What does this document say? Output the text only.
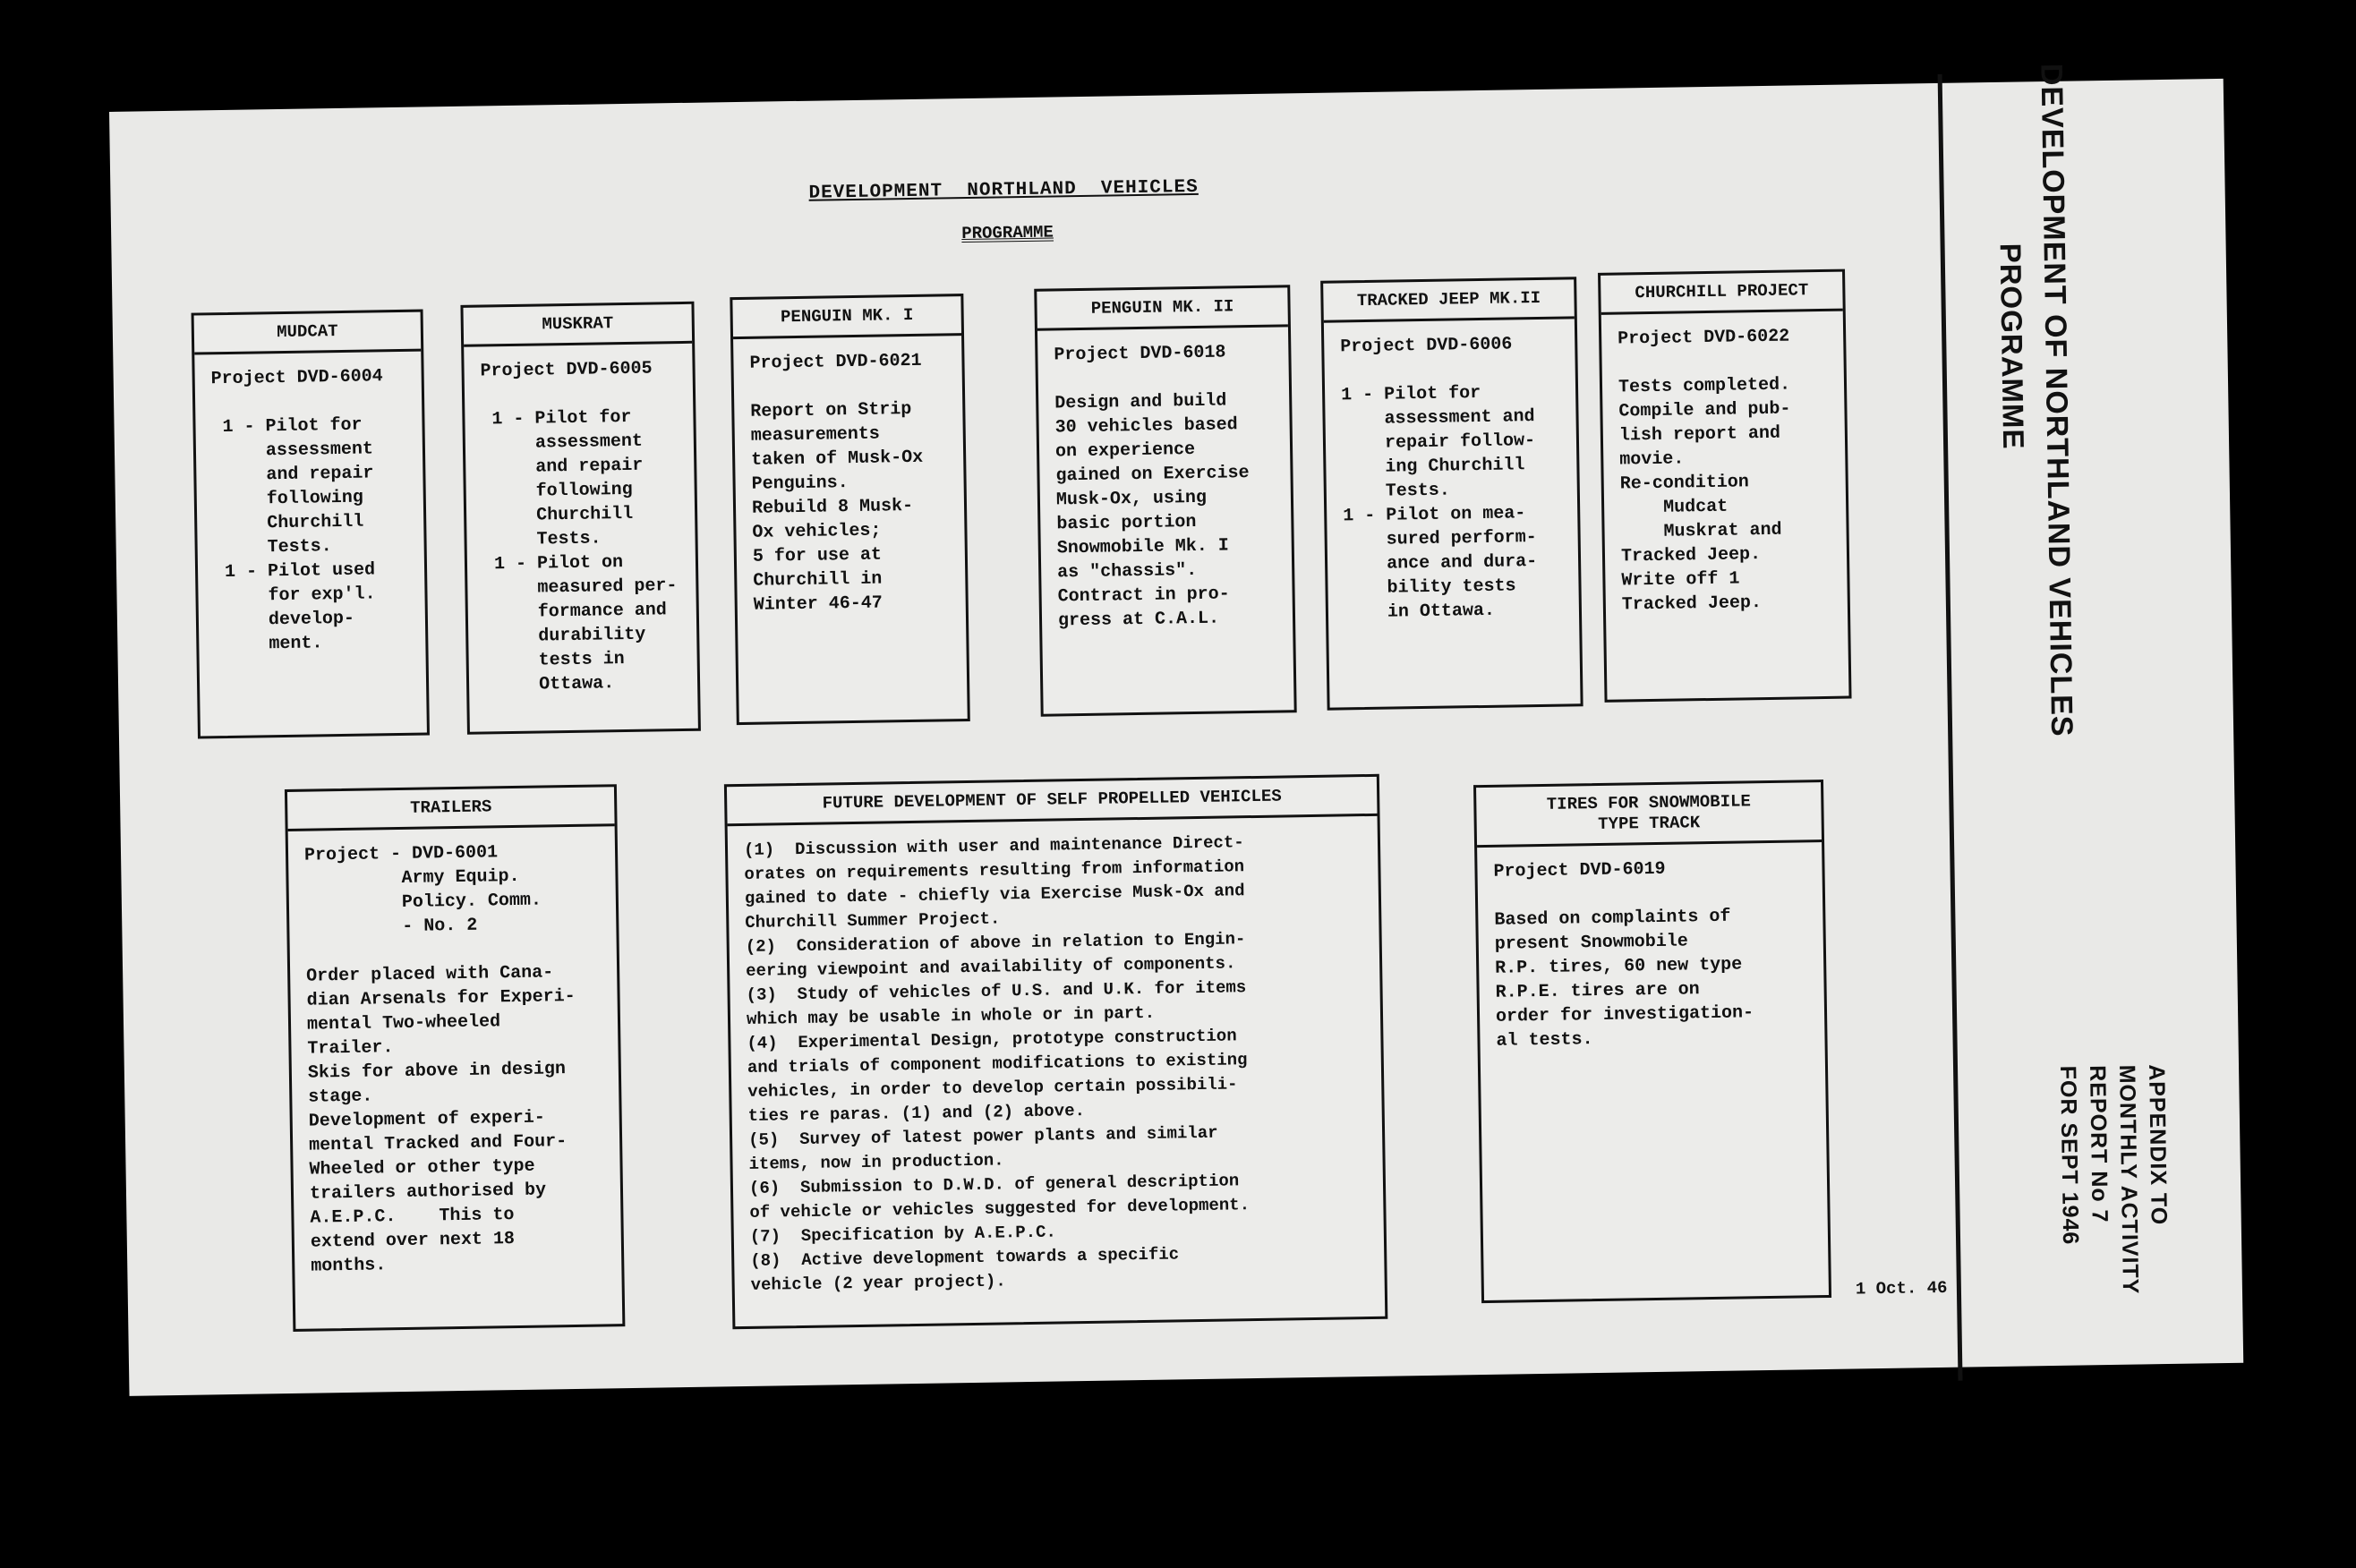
DEVELOPMENT  NORTHLAND  VEHICLES
PROGRAMME
MUDCAT
Project DVD-6004

1 - Pilot for
assessment
and repair
following
Churchill
Tests.
1 - Pilot used
for exp'l.
develop-
ment.
MUSKRAT
Project DVD-6005

1 - Pilot for
assessment
and repair
following
Churchill
Tests.
1 - Pilot on
measured per-
formance and
durability
tests in
Ottawa.
PENGUIN MK. I
Project DVD-6021

Report on Strip
measurements
taken of Musk-Ox
Penguins.
Rebuild 8 Musk-
Ox vehicles;
5 for use at
Churchill in
Winter 46-47
PENGUIN MK. II
Project DVD-6018

Design and build
30 vehicles based
on experience
gained on Exercise
Musk-Ox, using
basic portion
Snowmobile Mk. I
as "chassis".
Contract in pro-
gress at C.A.L.
TRACKED JEEP MK.II
Project DVD-6006

1 - Pilot for
assessment and
repair follow-
ing Churchill
Tests.
1 - Pilot on mea-
sured perform-
ance and dura-
bility tests
in Ottawa.
CHURCHILL PROJECT
Project DVD-6022

Tests completed.
Compile and pub-
lish report and
movie.
Re-condition
Mudcat
Muskrat and
Tracked Jeep.
Write off 1
Tracked Jeep.
TRAILERS
Project - DVD-6001
Army Equip.
Policy. Comm.
- No. 2

Order placed with Cana-
dian Arsenals for Experi-
mental Two-wheeled
Trailer.
Skis for above in design
stage.
Development of experi-
mental Tracked and Four-
Wheeled or other type
trailers authorised by
A.E.P.C.    This to
extend over next 18
months.
FUTURE DEVELOPMENT OF SELF PROPELLED VEHICLES
(1)  Discussion with user and maintenance Direct-
orates on requirements resulting from information
gained to date - chiefly via Exercise Musk-Ox and
Churchill Summer Project.
(2)  Consideration of above in relation to Engin-
eering viewpoint and availability of components.
(3)  Study of vehicles of U.S. and U.K. for items
which may be usable in whole or in part.
(4)  Experimental Design, prototype construction
and trials of component modifications to existing
vehicles, in order to develop certain possibili-
ties re paras. (1) and (2) above.
(5)  Survey of latest power plants and similar
items, now in production.
(6)  Submission to D.W.D. of general description
of vehicle or vehicles suggested for development.
(7)  Specification by A.E.P.C.
(8)  Active development towards a specific
vehicle (2 year project).
TIRES FOR SNOWMOBILE
TYPE TRACK
Project DVD-6019

Based on complaints of
present Snowmobile
R.P. tires, 60 new type
R.P.E. tires are on
order for investigation-
al tests.
1 Oct. 46
DEVELOPMENT OF NORTHLAND VEHICLES
PROGRAMME
APPENDIX TO
MONTHLY ACTIVITY
REPORT No 7
FOR SEPT 1946
